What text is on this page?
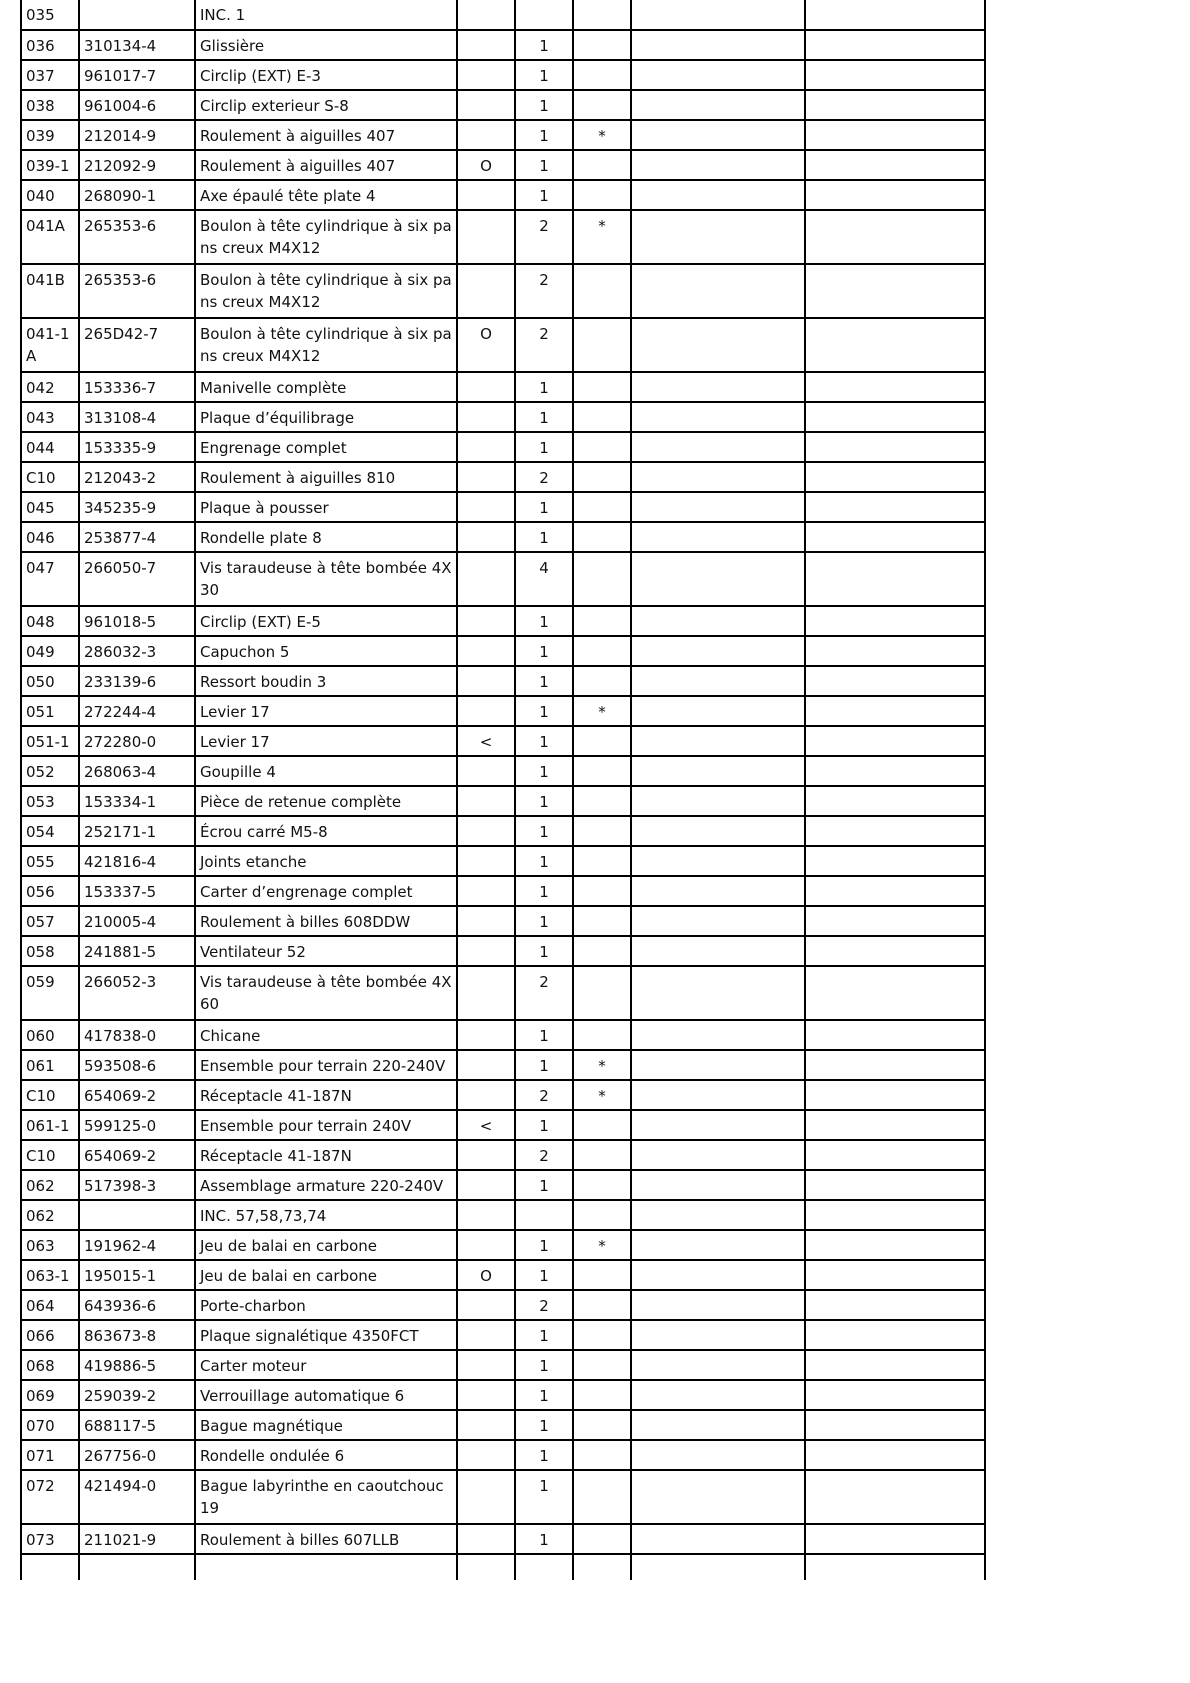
035		INC. 1					
036	310134-4	Glissière		1			
037	961017-7	Circlip (EXT) E-3		1			
038	961004-6	Circlip exterieur S-8		1			
039	212014-9	Roulement à aiguilles 407		1	*		
039-1	212092-9	Roulement à aiguilles 407	O	1			
040	268090-1	Axe épaulé tête plate 4		1			
041A	265353-6	Boulon à tête cylindrique à six pans creux M4X12		2	*		
041B	265353-6	Boulon à tête cylindrique à six pans creux M4X12		2			
041-1A	265D42-7	Boulon à tête cylindrique à six pans creux M4X12	O	2			
042	153336-7	Manivelle complète		1			
043	313108-4	Plaque d’équilibrage		1			
044	153335-9	Engrenage complet		1			
C10	212043-2	Roulement à aiguilles 810		2			
045	345235-9	Plaque à pousser		1			
046	253877-4	Rondelle plate 8		1			
047	266050-7	Vis taraudeuse à tête bombée 4X30		4			
048	961018-5	Circlip (EXT) E-5		1			
049	286032-3	Capuchon 5		1			
050	233139-6	Ressort boudin 3		1			
051	272244-4	Levier 17		1	*		
051-1	272280-0	Levier 17	<	1			
052	268063-4	Goupille 4		1			
053	153334-1	Pièce de retenue complète		1			
054	252171-1	Écrou carré M5-8		1			
055	421816-4	Joints etanche		1			
056	153337-5	Carter d’engrenage complet		1			
057	210005-4	Roulement à billes 608DDW		1			
058	241881-5	Ventilateur 52		1			
059	266052-3	Vis taraudeuse à tête bombée 4X60		2			
060	417838-0	Chicane		1			
061	593508-6	Ensemble pour terrain 220-240V		1	*		
C10	654069-2	Réceptacle 41-187N		2	*		
061-1	599125-0	Ensemble pour terrain 240V	<	1			
C10	654069-2	Réceptacle 41-187N		2			
062	517398-3	Assemblage armature 220-240V		1			
062		INC. 57,58,73,74					
063	191962-4	Jeu de balai en carbone		1	*		
063-1	195015-1	Jeu de balai en carbone	O	1			
064	643936-6	Porte-charbon		2			
066	863673-8	Plaque signalétique 4350FCT		1			
068	419886-5	Carter moteur		1			
069	259039-2	Verrouillage automatique 6		1			
070	688117-5	Bague magnétique		1			
071	267756-0	Rondelle ondulée 6		1			
072	421494-0	Bague labyrinthe en caoutchouc 19		1			
073	211021-9	Roulement à billes 607LLB		1			
